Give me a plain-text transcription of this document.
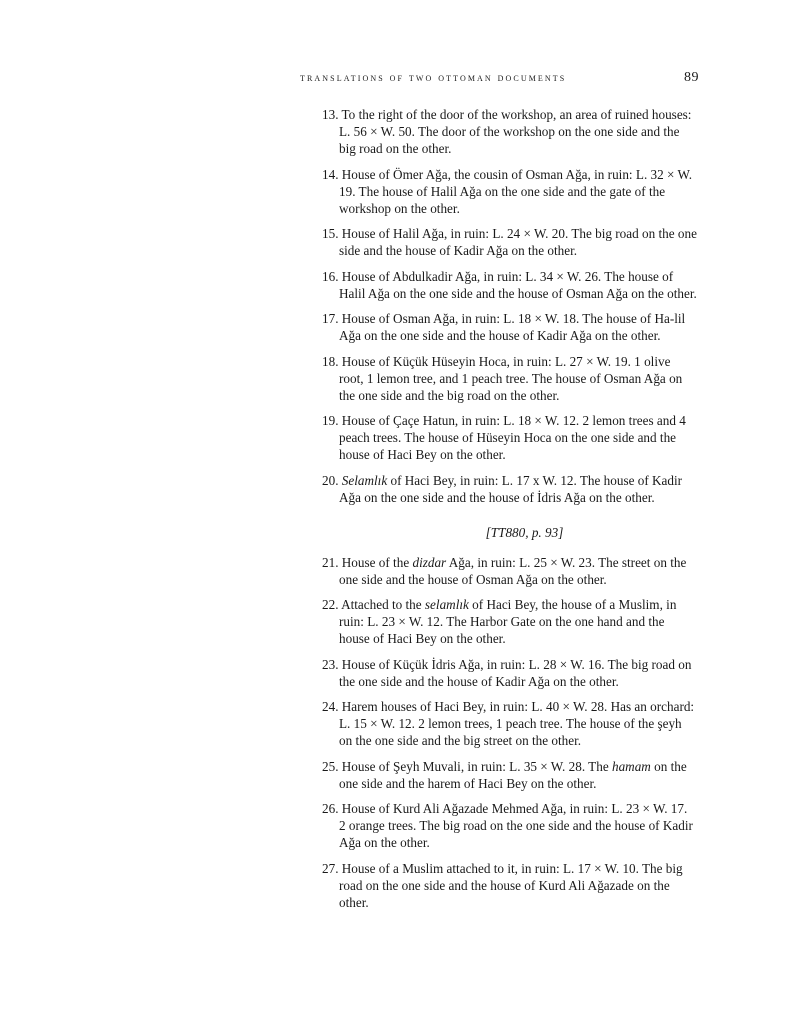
translations of two ottoman documents	89

13. To the right of the door of the workshop, an area of ruined houses: L. 56 × W. 50. The door of the workshop on the one side and the big road on the other.

14. House of Ömer Ağa, the cousin of Osman Ağa, in ruin: L. 32 × W. 19. The house of Halil Ağa on the one side and the gate of the workshop on the other.

15. House of Halil Ağa, in ruin: L. 24 × W. 20. The big road on the one side and the house of Kadir Ağa on the other.

16. House of Abdulkadir Ağa, in ruin: L. 34 × W. 26. The house of Halil Ağa on the one side and the house of Osman Ağa on the other.

17. House of Osman Ağa, in ruin: L. 18 × W. 18. The house of Ha-lil Ağa on the one side and the house of Kadir Ağa on the other.

18. House of Küçük Hüseyin Hoca, in ruin: L. 27 × W. 19. 1 olive root, 1 lemon tree, and 1 peach tree. The house of Osman Ağa on the one side and the big road on the other.

19. House of Çaçe Hatun, in ruin: L. 18 × W. 12. 2 lemon trees and 4 peach trees. The house of Hüseyin Hoca on the one side and the house of Haci Bey on the other.

20. Selamlık of Haci Bey, in ruin: L. 17 x W. 12. The house of Kadir Ağa on the one side and the house of İdris Ağa on the other.

[TT880, p. 93]

21. House of the dizdar Ağa, in ruin: L. 25 × W. 23. The street on the one side and the house of Osman Ağa on the other.

22. Attached to the selamlık of Haci Bey, the house of a Muslim, in ruin: L. 23 × W. 12. The Harbor Gate on the one hand and the house of Haci Bey on the other.

23. House of Küçük İdris Ağa, in ruin: L. 28 × W. 16. The big road on the one side and the house of Kadir Ağa on the other.

24. Harem houses of Haci Bey, in ruin: L. 40 × W. 28. Has an orchard: L. 15 × W. 12. 2 lemon trees, 1 peach tree. The house of the şeyh on the one side and the big street on the other.

25. House of Şeyh Muvali, in ruin: L. 35 × W. 28. The hamam on the one side and the harem of Haci Bey on the other.

26. House of Kurd Ali Ağazade Mehmed Ağa, in ruin: L. 23 × W. 17. 2 orange trees. The big road on the one side and the house of Kadir Ağa on the other.

27. House of a Muslim attached to it, in ruin: L. 17 × W. 10. The big road on the one side and the house of Kurd Ali Ağazade on the other.
